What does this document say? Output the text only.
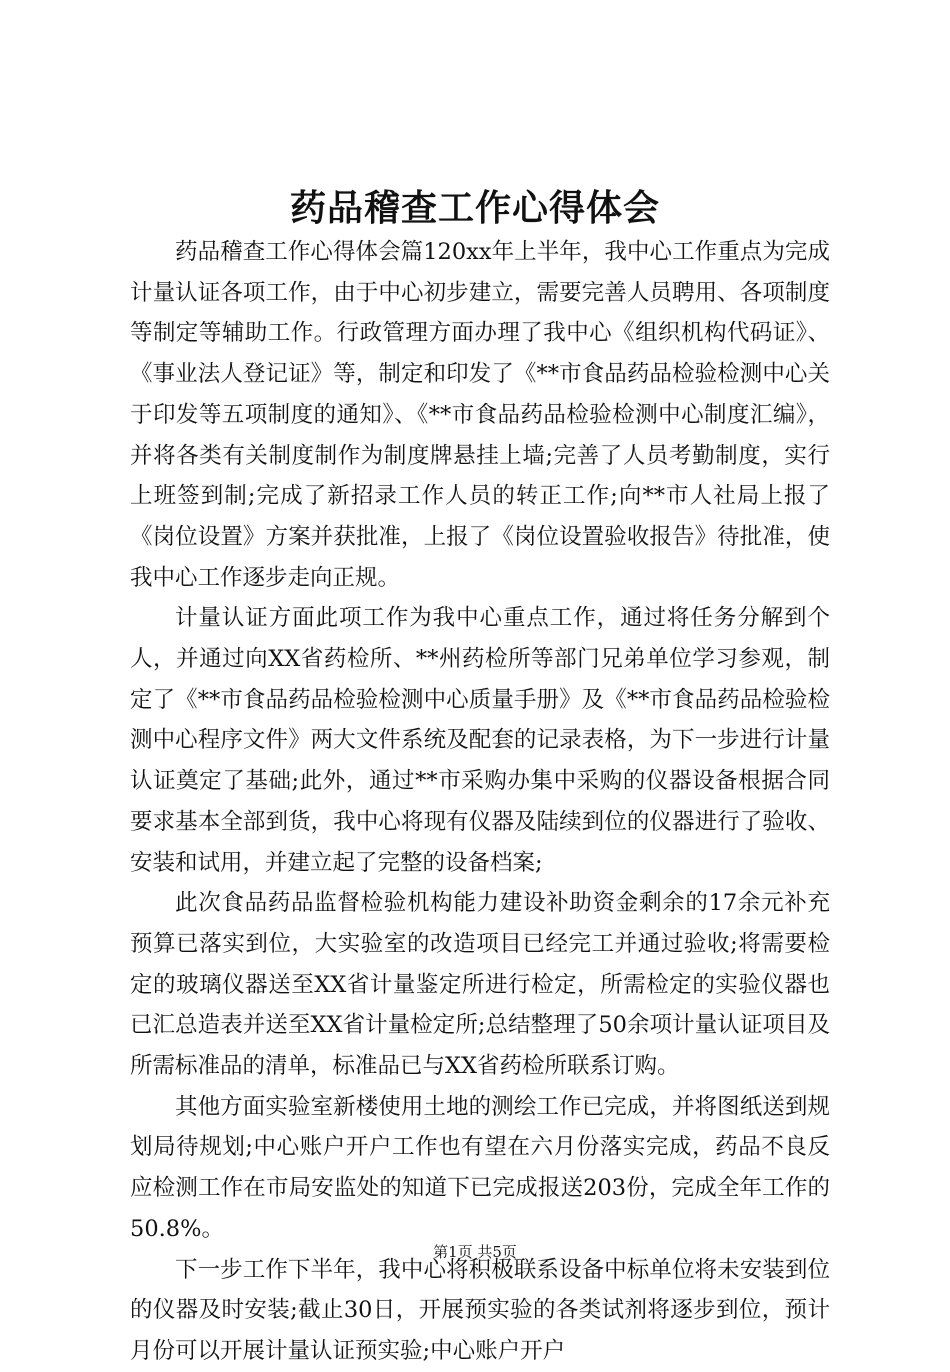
药品稽查工作心得体会

药品稽查工作心得体会篇120xx年上半年，我中心工作重点为完成计量认证各项工作，由于中心初步建立，需要完善人员聘用、各项制度等制定等辅助工作。行政管理方面办理了我中心《组织机构代码证》、《事业法人登记证》等，制定和印发了《**市食品药品检验检测中心关于印发等五项制度的通知》、《**市食品药品检验检测中心制度汇编》，并将各类有关制度制作为制度牌悬挂上墙;完善了人员考勤制度，实行上班签到制;完成了新招录工作人员的转正工作;向**市人社局上报了《岗位设置》方案并获批准，上报了《岗位设置验收报告》待批准，使我中心工作逐步走向正规。

计量认证方面此项工作为我中心重点工作，通过将任务分解到个人，并通过向XX省药检所、**州药检所等部门兄弟单位学习参观，制定了《**市食品药品检验检测中心质量手册》及《**市食品药品检验检测中心程序文件》两大文件系统及配套的记录表格，为下一步进行计量认证奠定了基础;此外，通过**市采购办集中采购的仪器设备根据合同要求基本全部到货，我中心将现有仪器及陆续到位的仪器进行了验收、安装和试用，并建立起了完整的设备档案;

此次食品药品监督检验机构能力建设补助资金剩余的17余元补充预算已落实到位，大实验室的改造项目已经完工并通过验收;将需要检定的玻璃仪器送至XX省计量鉴定所进行检定，所需检定的实验仪器也已汇总造表并送至XX省计量检定所;总结整理了50余项计量认证项目及所需标准品的清单，标准品已与XX省药检所联系订购。

其他方面实验室新楼使用土地的测绘工作已完成，并将图纸送到规划局待规划;中心账户开户工作也有望在六月份落实完成，药品不良反应检测工作在市局安监处的知道下已完成报送203份，完成全年工作的50.8%。

下一步工作下半年，我中心将积极联系设备中标单位将未安装到位的仪器及时安装;截止30日，开展预实验的各类试剂将逐步到位，预计月份可以开展计量认证预实验;中心账户开户

第1页 共5页
